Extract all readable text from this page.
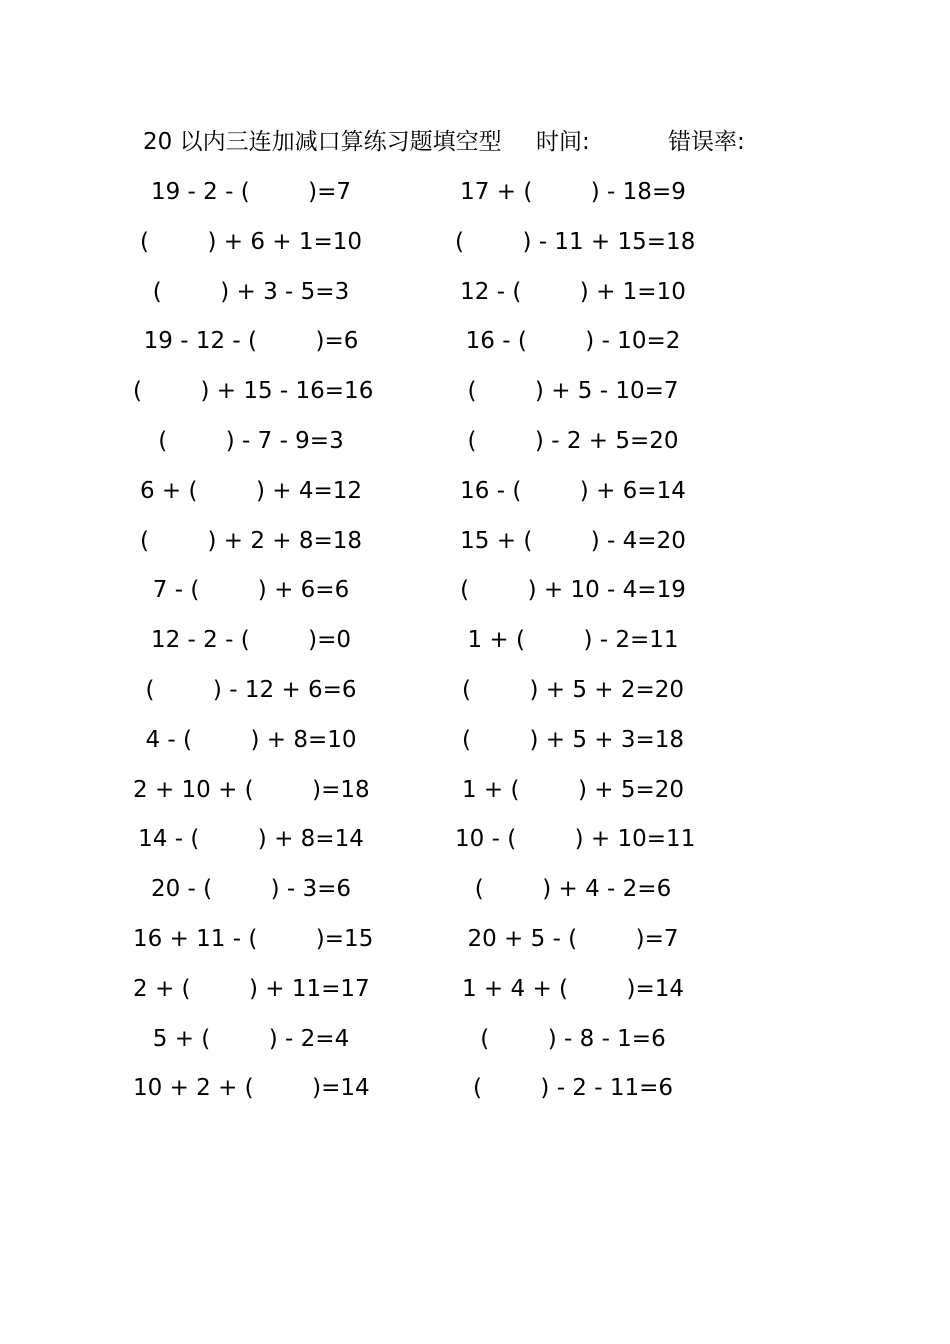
20 以内三连加减口算练习题填空型 时间:	错误率:
19 - 2 - (        )=7	17 + (        ) - 18=9
(        ) + 6 + 1=10	(        ) - 11 + 15=18
(        ) + 3 - 5=3	12 - (        ) + 1=10
19 - 12 - (        )=6	16 - (        ) - 10=2
(        ) + 15 - 16=16	(        ) + 5 - 10=7
(        ) - 7 - 9=3	(        ) - 2 + 5=20
6 + (        ) + 4=12	16 - (        ) + 6=14
(        ) + 2 + 8=18	15 + (        ) - 4=20
7 - (        ) + 6=6	(        ) + 10 - 4=19
12 - 2 - (        )=0	1 + (        ) - 2=11
(        ) - 12 + 6=6	(        ) + 5 + 2=20
4 - (        ) + 8=10	(        ) + 5 + 3=18
2 + 10 + (        )=18	1 + (        ) + 5=20
14 - (        ) + 8=14	10 - (        ) + 10=11
20 - (        ) - 3=6	(        ) + 4 - 2=6
16 + 11 - (        )=15	20 + 5 - (        )=7
2 + (        ) + 11=17	1 + 4 + (        )=14
5 + (        ) - 2=4	(        ) - 8 - 1=6
10 + 2 + (        )=14	(        ) - 2 - 11=6
